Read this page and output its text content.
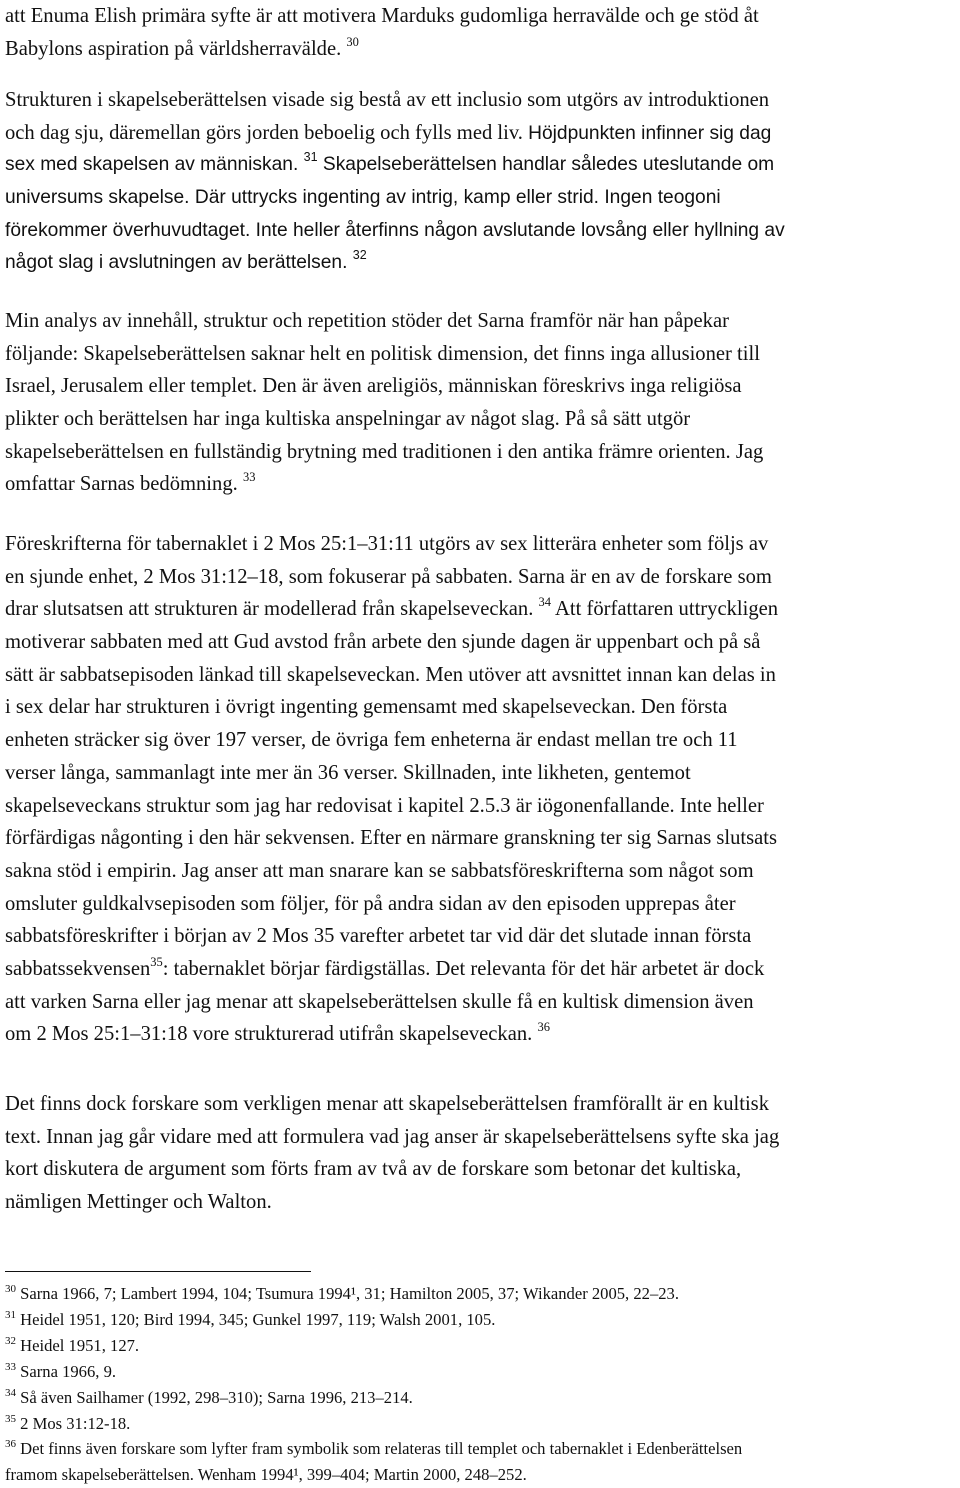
att Enuma Elish primära syfte är att motivera Marduks gudomliga herravälde och ge stöd åt
Babylons aspiration på världsherravälde. $^{30}$
Strukturen i skapelseberättelsen visade sig bestå av ett inclusio som utgörs av introduktionen
och dag sju, däremellan görs jorden beboelig och fylls med liv. Höjdpunkten infinner sig dag
sex med skapelsen av människan. $^{31}$ Skapelseberättelsen handlar således uteslutande om
universums skapelse. Där uttrycks ingenting av intrig, kamp eller strid. Ingen teogoni
förekommer överhuvudtaget. Inte heller återfinns någon avslutande lovsång eller hyllning av
något slag i avslutningen av berättelsen. $^{32}$
Min analys av innehåll, struktur och repetition stöder det Sarna framför när han påpekar
följande: Skapelseberättelsen saknar helt en politisk dimension, det finns inga allusioner till
Israel, Jerusalem eller templet. Den är även areligiös, människan föreskrivs inga religiösa
plikter och berättelsen har inga kultiska anspelningar av något slag. På så sätt utgör
skapelseberättelsen en fullständig brytning med traditionen i den antika främre orienten. Jag
omfattar Sarnas bedömning. $^{33}$
Föreskrifterna för tabernaklet i 2 Mos 25:1–31:11 utgörs av sex litterära enheter som följs av
en sjunde enhet, 2 Mos 31:12–18, som fokuserar på sabbaten. Sarna är en av de forskare som
drar slutsatsen att strukturen är modellerad från skapelseveckan. $^{34}$ Att författaren uttryckligen
motiverar sabbaten med att Gud avstod från arbete den sjunde dagen är uppenbart och på så
sätt är sabbatsepisoden länkad till skapelseveckan. Men utöver att avsnittet innan kan delas in
i sex delar har strukturen i övrigt ingenting gemensamt med skapelseveckan. Den första
enheten sträcker sig över 197 verser, de övriga fem enheterna är endast mellan tre och 11
verser långa, sammanlagt inte mer än 36 verser. Skillnaden, inte likheten, gentemot
skapelseveckans struktur som jag har redovisat i kapitel 2.5.3 är iögonenfallande. Inte heller
förfärdigas någonting i den här sekvensen. Efter en närmare granskning ter sig Sarnas slutsats
sakna stöd i empirin. Jag anser att man snarare kan se sabbatsföreskrifterna som något som
omsluter guldkalvsepisoden som följer, för på andra sidan av den episoden upprepas åter
sabbatsföreskrifter i början av 2 Mos 35 varefter arbetet tar vid där det slutade innan första
sabbatssekvensen$^{35}$: tabernaklet börjar färdigställas. Det relevanta för det här arbetet är dock
att varken Sarna eller jag menar att skapelseberättelsen skulle få en kultisk dimension även
om 2 Mos 25:1–31:18 vore strukturerad utifrån skapelseveckan. $^{36}$
Det finns dock forskare som verkligen menar att skapelseberättelsen framförallt är en kultisk
text. Innan jag går vidare med att formulera vad jag anser är skapelseberättelsens syfte ska jag
kort diskutera de argument som förts fram av två av de forskare som betonar det kultiska,
nämligen Mettinger och Walton.
$^{30}$ Sarna 1966, 7; Lambert 1994, 104; Tsumura 1994¹, 31; Hamilton 2005, 37; Wikander 2005, 22–23.
$^{31}$ Heidel 1951, 120; Bird 1994, 345; Gunkel 1997, 119; Walsh 2001, 105.
$^{32}$ Heidel 1951, 127.
$^{33}$ Sarna 1966, 9.
$^{34}$ Så även Sailhamer (1992, 298–310); Sarna 1996, 213–214.
$^{35}$ 2 Mos 31:12-18.
$^{36}$ Det finns även forskare som lyfter fram symbolik som relateras till templet och tabernaklet i Edenberättelsen
framom skapelseberättelsen. Wenham 1994¹, 399–404; Martin 2000, 248–252.
